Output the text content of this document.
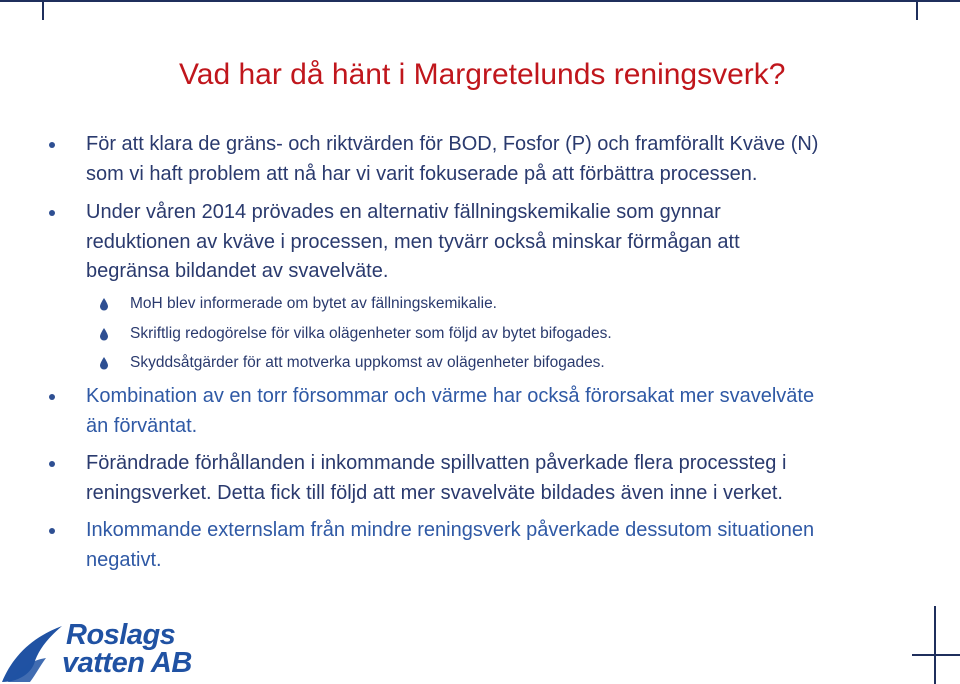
Vad har då hänt i Margretelunds reningsverk?
För att klara de gräns- och riktvärden för BOD, Fosfor (P) och framförallt Kväve (N)
som vi haft problem att nå har vi varit fokuserade på att förbättra processen.
Under våren 2014 prövades en alternativ fällningskemikalie som gynnar
reduktionen av kväve i processen, men tyvärr också minskar förmågan att
begränsa bildandet av svavelväte.
MoH blev informerade om bytet av fällningskemikalie.
Skriftlig redogörelse för vilka olägenheter som följd av bytet bifogades.
Skyddsåtgärder för att motverka uppkomst av olägenheter bifogades.
Kombination av en torr försommar och värme har också förorsakat mer svavelväte
än förväntat.
Förändrade förhållanden i inkommande spillvatten påverkade flera processteg i
reningsverket. Detta fick till följd att mer svavelväte bildades även inne i verket.
Inkommande externslam från mindre reningsverk påverkade dessutom situationen
negativt.
Roslags
vatten AB
